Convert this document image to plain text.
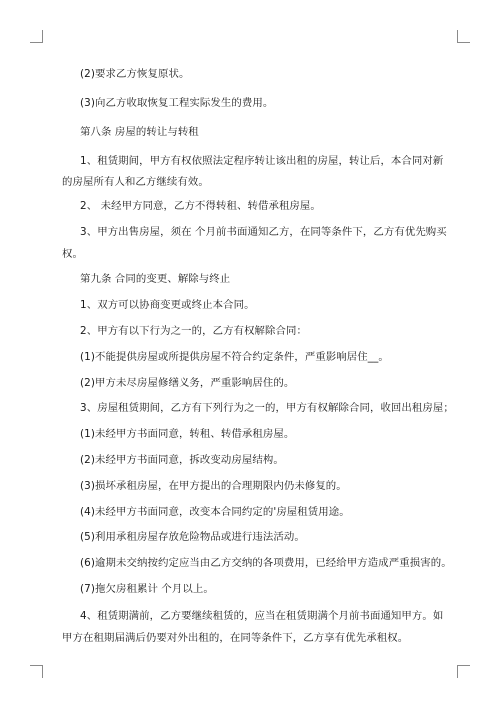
(2)要求乙方恢复原状。
(3)向乙方收取恢复工程实际发生的费用。
第八条 房屋的转让与转租
1、租赁期间，甲方有权依照法定程序转让该出租的房屋，转让后，本合同对新
的房屋所有人和乙方继续有效。
2、 未经甲方同意，乙方不得转租、转借承租房屋。
3、甲方出售房屋，须在 个月前书面通知乙方，在同等条件下，乙方有优先购买
权。
第九条 合同的变更、解除与终止
1、双方可以协商变更或终止本合同。
2、甲方有以下行为之一的，乙方有权解除合同：
(1)不能提供房屋或所提供房屋不符合约定条件，严重影响居住__。
(2)甲方未尽房屋修缮义务，严重影响居住的。
3、房屋租赁期间，乙方有下列行为之一的，甲方有权解除合同，收回出租房屋；
(1)未经甲方书面同意，转租、转借承租房屋。
(2)未经甲方书面同意，拆改变动房屋结构。
(3)损坏承租房屋，在甲方提出的合理期限内仍未修复的。
(4)未经甲方书面同意，改变本合同约定的'房屋租赁用途。
(5)利用承租房屋存放危险物品或进行违法活动。
(6)逾期未交纳按约定应当由乙方交纳的各项费用，已经给甲方造成严重损害的。
(7)拖欠房租累计 个月以上。
4、租赁期满前，乙方要继续租赁的，应当在租赁期满个月前书面通知甲方。如
甲方在租期届满后仍要对外出租的，在同等条件下，乙方享有优先承租权。
